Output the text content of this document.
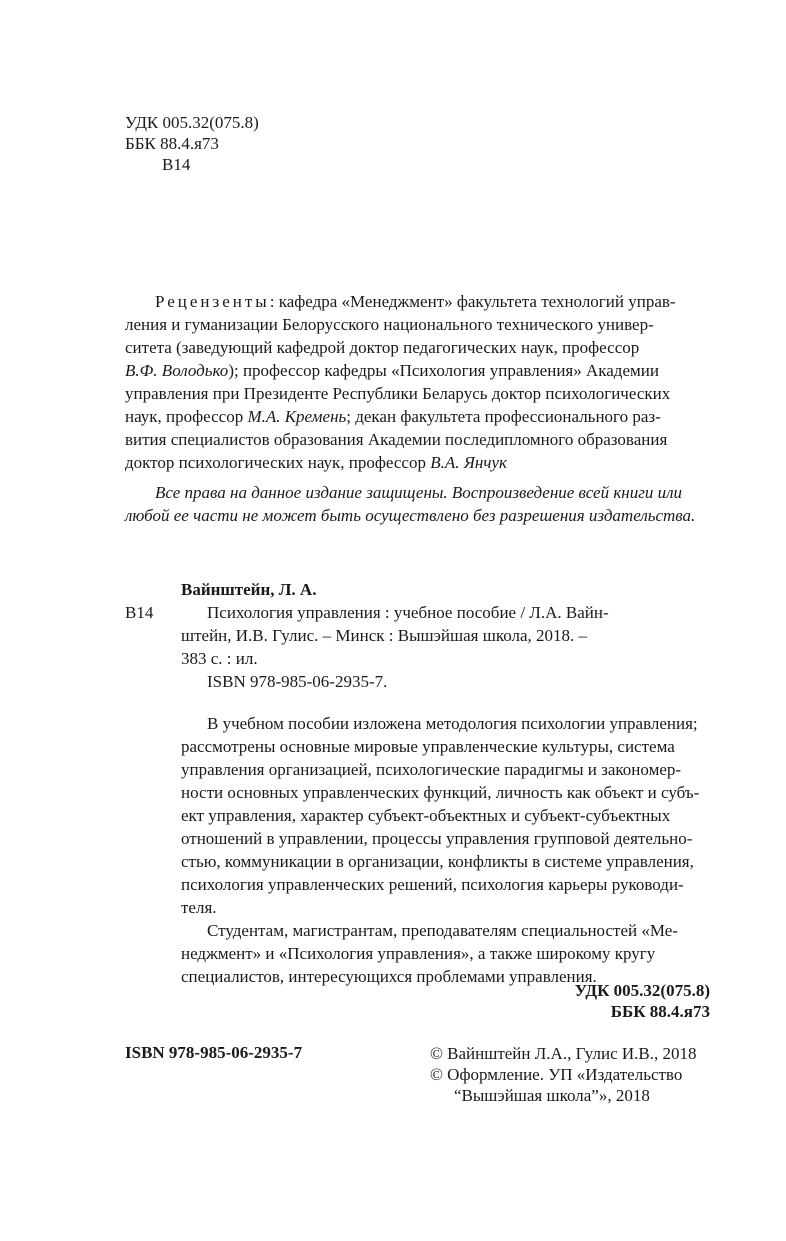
УДК 005.32(075.8)
ББК 88.4.я73
В14
Рецензенты: кафедра «Менеджмент» факультета технологий управ-
ления и гуманизации Белорусского национального технического универ-
ситета (заведующий кафедрой доктор педагогических наук, профессор
В.Ф. Володько); профессор кафедры «Психология управления» Академии
управления при Президенте Республики Беларусь доктор психологических
наук, профессор М.А. Кремень; декан факультета профессионального раз-
вития специалистов образования Академии последипломного образования
доктор психологических наук, профессор В.А. Янчук
Все права на данное издание защищены. Воспроизведение всей книги или
любой ее части не может быть осуществлено без разрешения издательства.
Вайнштейн, Л. А.
В14	Психология управления : учебное пособие / Л.А. Вайн-
штейн, И.В. Гулис. – Минск : Вышэйшая школа, 2018. –
383 с. : ил.
ISBN 978-985-06-2935-7.
В учебном пособии изложена методология психологии управления;
рассмотрены основные мировые управленческие культуры, система
управления организацией, психологические парадигмы и закономер-
ности основных управленческих функций, личность как объект и субъ-
ект управления, характер субъект-объектных и субъект-субъектных
отношений в управлении, процессы управления групповой деятельно-
стью, коммуникации в организации, конфликты в системе управления,
психология управленческих решений, психология карьеры руководи-
теля.
Студентам, магистрантам, преподавателям специальностей «Ме-
неджмент» и «Психология управления», а также широкому кругу
специалистов, интересующихся проблемами управления.
УДК 005.32(075.8)
ББК 88.4.я73
ISBN 978-985-06-2935-7	© Вайнштейн Л.А., Гулис И.В., 2018
© Оформление. УП «Издательство
“Вышэйшая школа”», 2018
